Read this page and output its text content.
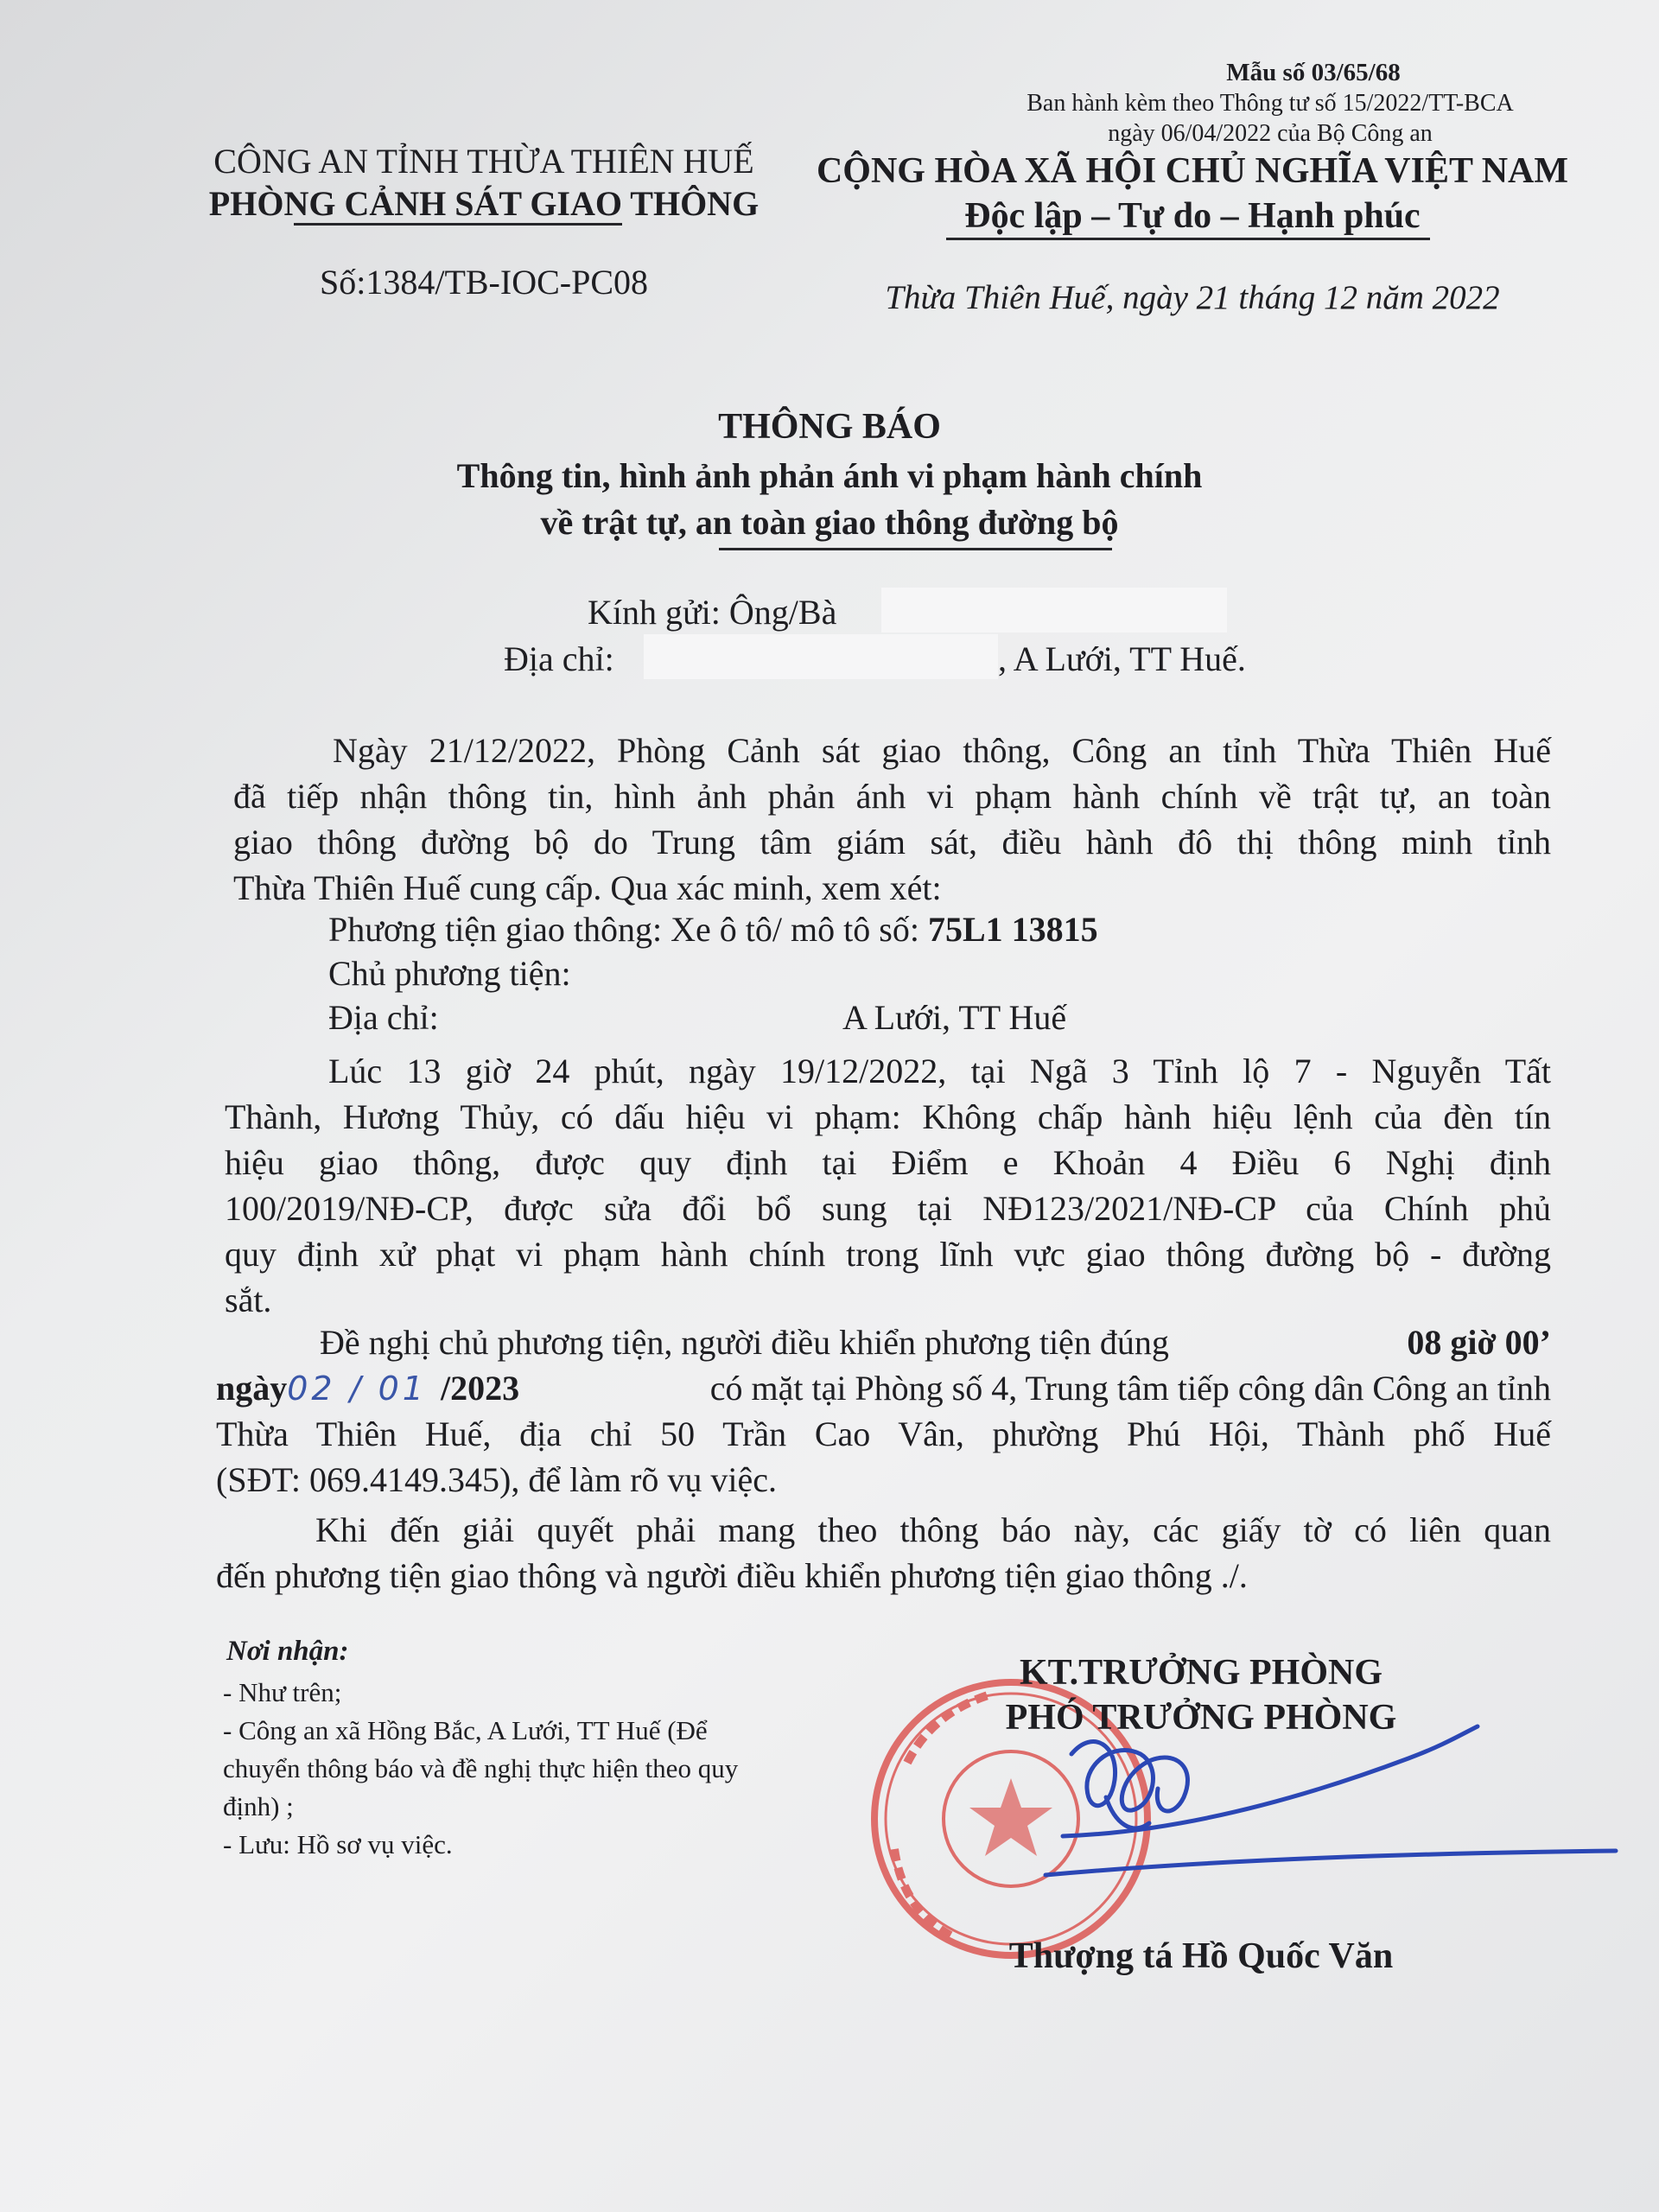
Mẫu số 03/65/68
Ban hành kèm theo Thông tư số 15/2022/TT-BCA
ngày 06/04/2022 của Bộ Công an
CÔNG AN TỈNH THỪA THIÊN HUẾ
PHÒNG CẢNH SÁT GIAO THÔNG
Số:1384/TB-IOC-PC08
CỘNG HÒA XÃ HỘI CHỦ NGHĨA VIỆT NAM
Độc lập – Tự do – Hạnh phúc
Thừa Thiên Huế, ngày 21 tháng 12 năm 2022
THÔNG BÁO
Thông tin, hình ảnh phản ánh vi phạm hành chính
về trật tự, an toàn giao thông đường bộ
Kính gửi: Ông/Bà
Địa chỉ:	, A Lưới, TT Huế.
Ngày 21/12/2022, Phòng Cảnh sát giao thông, Công an tỉnh Thừa Thiên Huế
đã tiếp nhận thông tin, hình ảnh phản ánh vi phạm hành chính về trật tự, an toàn
giao thông đường bộ do Trung tâm giám sát, điều hành đô thị thông minh tỉnh
Thừa Thiên Huế cung cấp. Qua xác minh, xem xét:
Phương tiện giao thông: Xe ô tô/ mô tô số: 75L1 13815
Chủ phương tiện:
Địa chỉ:	A Lưới, TT Huế
Lúc 13 giờ 24 phút, ngày 19/12/2022, tại Ngã 3 Tỉnh lộ 7 - Nguyễn Tất
Thành, Hương Thủy, có dấu hiệu vi phạm: Không chấp hành hiệu lệnh của đèn tín
hiệu giao thông, được quy định tại Điểm e Khoản 4 Điều 6 Nghị định
100/2019/NĐ-CP, được sửa đổi bổ sung tại NĐ123/2021/NĐ-CP của Chính phủ
quy định xử phạt vi phạm hành chính trong lĩnh vực giao thông đường bộ - đường
sắt.
Đề nghị chủ phương tiện, người điều khiển phương tiện đúng	08 giờ 00’
ngày02 / 01 /2023	có mặt tại Phòng số 4, Trung tâm tiếp công dân Công an tỉnh
Thừa Thiên Huế, địa chỉ 50 Trần Cao Vân, phường Phú Hội, Thành phố Huế
(SĐT: 069.4149.345), để làm rõ vụ việc.
Khi đến giải quyết phải mang theo thông báo này, các giấy tờ có liên quan
đến phương tiện giao thông và người điều khiển phương tiện giao thông ./.
Nơi nhận:
- Như trên;
- Công an xã Hồng Bắc, A Lưới, TT Huế (Để
chuyển thông báo và đề nghị thực hiện theo quy
định) ;
- Lưu: Hồ sơ vụ việc.
KT.TRƯỞNG PHÒNG
PHÓ TRƯỞNG PHÒNG
Thượng tá Hồ Quốc Văn
